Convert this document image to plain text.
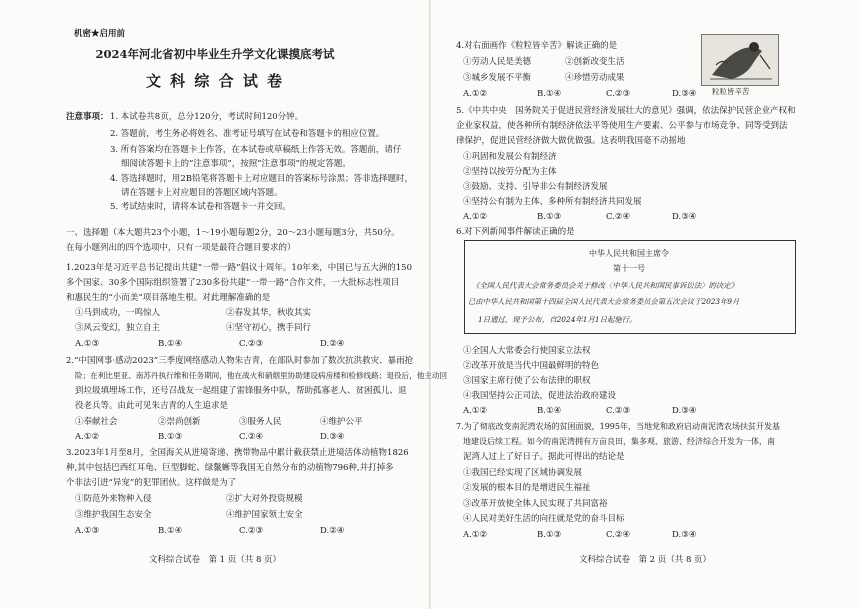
机密★启用前
2024年河北省初中毕业生升学文化课摸底考试
文 科 综 合 试 卷
注意事项： 1. 本试卷共8页，总分120分，考试时间120分钟。
2. 答题前，考生务必将姓名、准考证号填写在试卷和答题卡的相应位置。
3. 所有答案均在答题卡上作答，在本试卷或草稿纸上作答无效。答题前，请仔
细阅读答题卡上的“注意事项”，按照“注意事项”的规定答题。
4. 答选择题时，用2B铅笔将答题卡上对应题目的答案标号涂黑；答非选择题时，
请在答题卡上对应题目的答题区域内答题。
5. 考试结束时，请将本试卷和答题卡一并交回。
一、选择题（本大题共23个小题，1～19小题每题2分，20～23小题每题3分，共50分。
在每小题列出的四个选项中，只有一项是最符合题目要求的）
1.2023年是习近平总书记提出共建“一带一路”倡议十周年。10年来，中国已与五大洲的150
多个国家、30多个国际组织签署了230多份共建“一带一路”合作文件，一大批标志性项目
和惠民生的“小而美”项目落地生根。对此理解准确的是
①马到成功，一鸣惊人	②春发其华，秋收其实
③风云变幻，独立自主	④坚守初心，携手同行
A.①③	B.①④	C.②③	D.②④
2.“中国网事·感动2023”三季度网络感动人物朱吉青，在部队时参加了数次抗洪救灾、暴雨抢
险；在利比里亚、南苏丹执行维和任务期间，他在战火和硝烟里协助建设病房楼和检修线路；退役后，他主动回
到垃圾填埋场工作，还号召战友一起组建了雷锋服务中队，帮助孤寡老人、贫困孤儿、退
役老兵等。由此可见朱吉青的人生追求是
①奉献社会	②崇尚创新	③服务人民	④维护公平
A.①②	B.①③	C.②④	D.③④
3.2023年1月至8月，全国海关从进境寄递、携带物品中累计截获禁止进境活体动植物1826
种,其中包括巴西红耳龟、巨型脚蛇、绿鬣蜥等我国无自然分布的动植物796种,并打掉多
个非法引进“异宠”的犯罪团伙。这样做是为了
①防范外来物种入侵	②扩大对外投资规模
③维护我国生态安全	④维护国家领土安全
A.①③	B.①④	C.②③	D.②④
文科综合试卷　第 1 页（共 8 页）
粒粒皆辛苦
4.对右面画作《粒粒皆辛苦》解读正确的是
①劳动人民是美德	②创新改变生活
③城乡发展不平衡	④珍惜劳动成果
A.①②	B.①④	C.②③	D.③④
5.《中共中央　国务院关于促进民营经济发展壮大的意见》强调，依法保护民营企业产权和
企业家权益，使各种所有制经济依法平等使用生产要素、公平参与市场竞争、同等受到法
律保护，促进民营经济做大做优做强。这表明我国毫不动摇地
①巩固和发展公有制经济
②坚持以按劳分配为主体
③鼓励、支持、引导非公有制经济发展
④坚持公有制为主体、多种所有制经济共同发展
A.①②	B.①③	C.②④	D.③④
6.对下列新闻事件解读正确的是
中华人民共和国主席令
第十一号
《全国人民代表大会常务委员会关于修改〈中华人民共和国民事诉讼法〉的决定》
已由中华人民共和国第十四届全国人民代表大会常务委员会第五次会议于2023年9月
1日通过，现予公布，自2024年1月1日起施行。
①全国人大常委会行使国家立法权
②改革开放是当代中国最鲜明的特色
③国家主席行使了公布法律的职权
④我国坚持公正司法，促进法治政府建设
A.①②	B.①④	C.②③	D.③④
7.为了彻底改变南泥湾农场的贫困面貌，1995年，当地党和政府启动南泥湾农场扶贫开发基
地建设后续工程。如今的南泥湾拥有万亩良田，集多观、旅游、经济综合开发为一体，南
泥湾人过上了好日子。据此可得出的结论是
①我国已经实现了区域协调发展
②发展的根本目的是增进民生福祉
③改革开放使全体人民实现了共同富裕
④人民对美好生活的向往就是党的奋斗目标
A.①②	B.①③	C.②④	D.③④
文科综合试卷　第 2 页（共 8 页）
